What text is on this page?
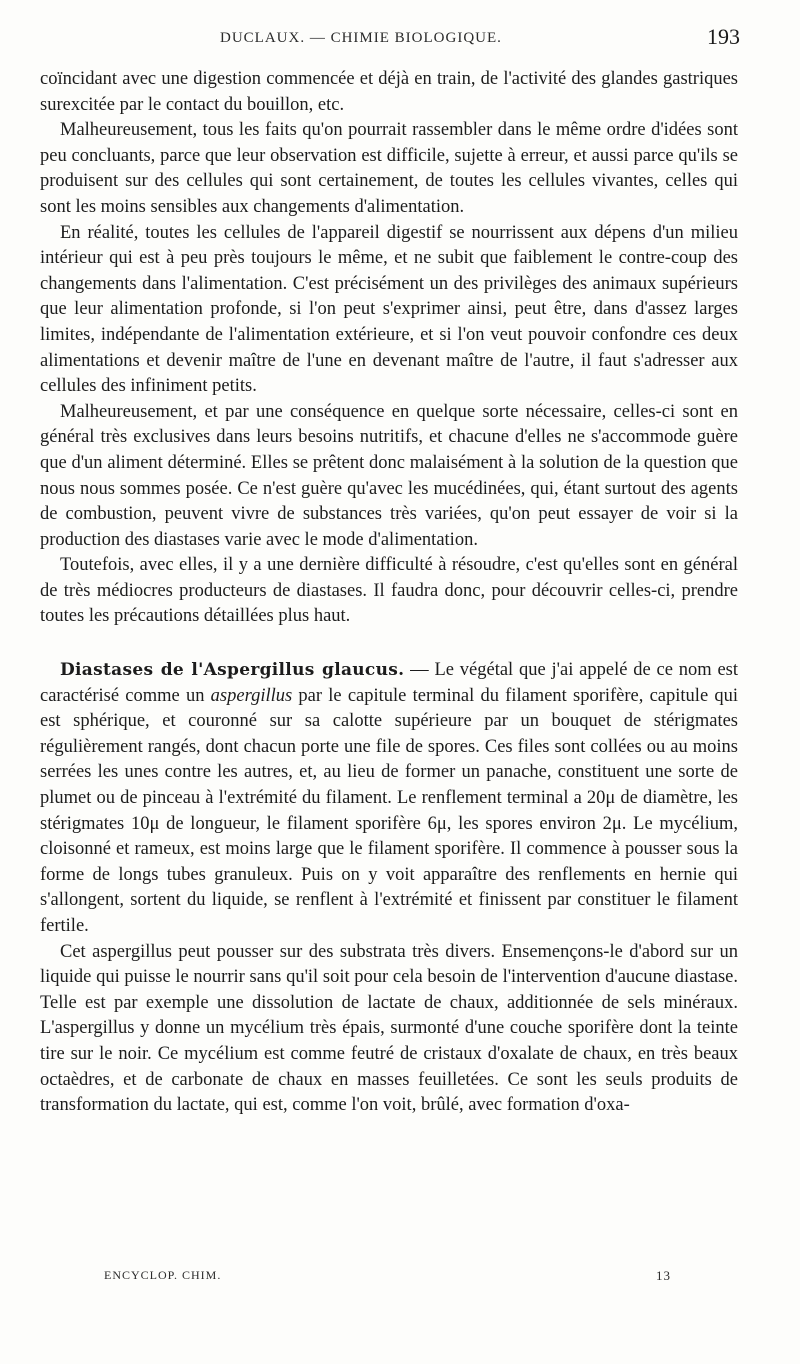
DUCLAUX. — CHIMIE BIOLOGIQUE.	193

coïncidant avec une digestion commencée et déjà en train, de l'activité des glandes gastriques surexcitée par le contact du bouillon, etc.

Malheureusement, tous les faits qu'on pourrait rassembler dans le même ordre d'idées sont peu concluants, parce que leur observation est difficile, sujette à erreur, et aussi parce qu'ils se produisent sur des cellules qui sont certainement, de toutes les cellules vivantes, celles qui sont les moins sensibles aux changements d'alimentation.

En réalité, toutes les cellules de l'appareil digestif se nourrissent aux dépens d'un milieu intérieur qui est à peu près toujours le même, et ne subit que faiblement le contre-coup des changements dans l'alimentation. C'est précisément un des privilèges des animaux supérieurs que leur alimentation profonde, si l'on peut s'exprimer ainsi, peut être, dans d'assez larges limites, indépendante de l'alimentation extérieure, et si l'on veut pouvoir confondre ces deux alimentations et devenir maître de l'une en devenant maître de l'autre, il faut s'adresser aux cellules des infiniment petits.

Malheureusement, et par une conséquence en quelque sorte nécessaire, celles-ci sont en général très exclusives dans leurs besoins nutritifs, et chacune d'elles ne s'accommode guère que d'un aliment déterminé. Elles se prêtent donc malaisément à la solution de la question que nous nous sommes posée. Ce n'est guère qu'avec les mucédinées, qui, étant surtout des agents de combustion, peuvent vivre de substances très variées, qu'on peut essayer de voir si la production des diastases varie avec le mode d'alimentation.

Toutefois, avec elles, il y a une dernière difficulté à résoudre, c'est qu'elles sont en général de très médiocres producteurs de diastases. Il faudra donc, pour découvrir celles-ci, prendre toutes les précautions détaillées plus haut.

Diastases de l'Aspergillus glaucus. — Le végétal que j'ai appelé de ce nom est caractérisé comme un aspergillus par le capitule terminal du filament sporifère, capitule qui est sphérique, et couronné sur sa calotte supérieure par un bouquet de stérigmates régulièrement rangés, dont chacun porte une file de spores. Ces files sont collées ou au moins serrées les unes contre les autres, et, au lieu de former un panache, constituent une sorte de plumet ou de pinceau à l'extrémité du filament. Le renflement terminal a 20μ de diamètre, les stérigmates 10μ de longueur, le filament sporifère 6μ, les spores environ 2μ. Le mycélium, cloisonné et rameux, est moins large que le filament sporifère. Il commence à pousser sous la forme de longs tubes granuleux. Puis on y voit apparaître des renflements en hernie qui s'allongent, sortent du liquide, se renflent à l'extrémité et finissent par constituer le filament fertile.

Cet aspergillus peut pousser sur des substrata très divers. Ensemençons-le d'abord sur un liquide qui puisse le nourrir sans qu'il soit pour cela besoin de l'intervention d'aucune diastase. Telle est par exemple une dissolution de lactate de chaux, additionnée de sels minéraux. L'aspergillus y donne un mycélium très épais, surmonté d'une couche sporifère dont la teinte tire sur le noir. Ce mycélium est comme feutré de cristaux d'oxalate de chaux, en très beaux octaèdres, et de carbonate de chaux en masses feuilletées. Ce sont les seuls produits de transformation du lactate, qui est, comme l'on voit, brûlé, avec formation d'oxa-

ENCYCLOP. CHIM.	13
